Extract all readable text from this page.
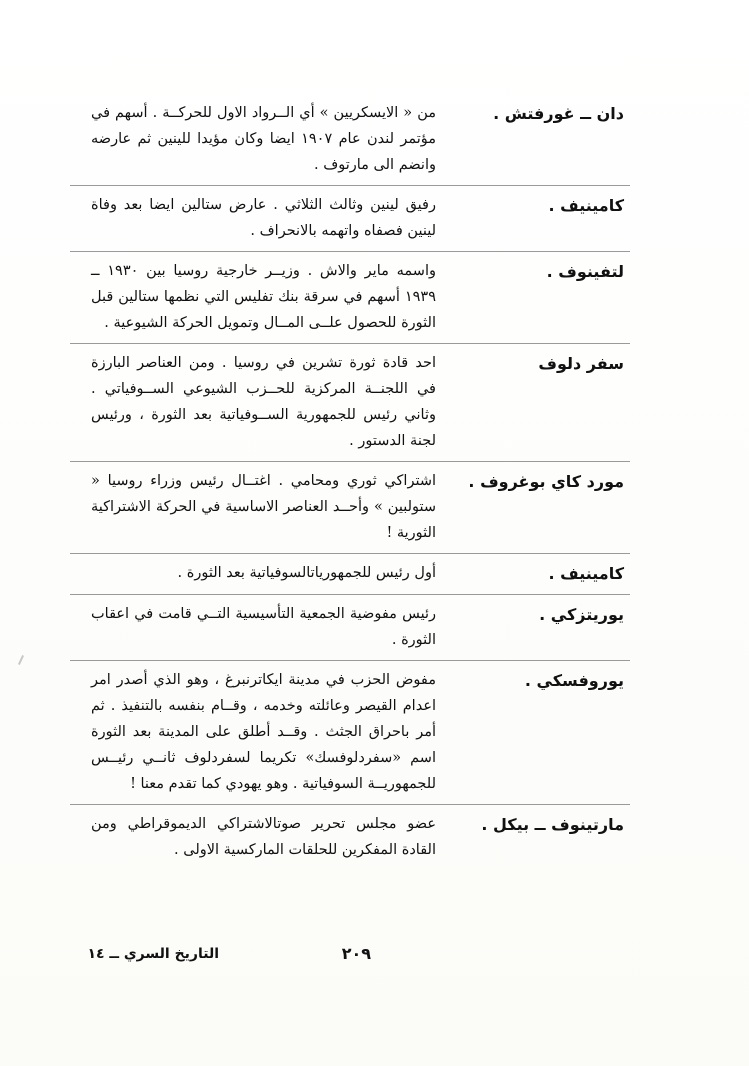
دان ــ غورفتش .
من « الايسكريين » أي الــرواد الاول للحركــة . أسهم في مؤتمر لندن عام ١٩٠٧ ايضا وكان مؤيدا للينين ثم عارضه وانضم الى مارتوف .
كامينيف .
رفيق لينين وثالث الثلاثي . عارض ستالين ايضا بعد وفاة لينين فصفاه واتهمه بالانحراف .
لتفينوف .
واسمه ماير والاش . وزيــر خارجية روسيا بين ١٩٣٠ ــ ١٩٣٩ أسهم في سرقة بنك تفليس التي نظمها ستالين قبل الثورة للحصول علــى المــال وتمويل الحركة الشيوعية .
سفر دلوف
احد قادة ثورة تشرين في روسيا . ومن العناصر البارزة في اللجنــة المركزية للحــزب الشيوعي الســوفياتي . وثاني رئيس للجمهورية الســوفياتية بعد الثورة ، ورئيس لجنة الدستور .
مورد كاي بوغروف .
اشتراكي ثوري ومحامي . اغتــال رئيس وزراء روسيا « ستولبين » وأحــد العناصر الاساسية في الحركة الاشتراكية الثورية !
كامينيف .
أول رئيس للجمهورياتالسوفياتية بعد الثورة .
يوريتزكي .
رئيس مفوضية الجمعية التأسيسية التــي قامت في اعقاب الثورة .
يوروفسكي .
مفوض الحزب في مدينة ايكاترنبرغ ، وهو الذي أصدر امر اعدام القيصر وعائلته وخدمه ، وقــام بنفسه بالتنفيذ . ثم أمر باحراق الجثث . وقــد أطلق على المدينة بعد الثورة اسم «سفردلوفسك» تكريما لسفردلوف ثانــي رئيــس للجمهوريــة السوفياتية . وهو يهودي كما تقدم معنا !
مارتينوف ــ بيكل .
عضو مجلس تحرير صوتالاشتراكي الديموقراطي ومن القادة المفكرين للحلقات الماركسية الاولى .
٢٠٩
التاريخ السري ــ ١٤
